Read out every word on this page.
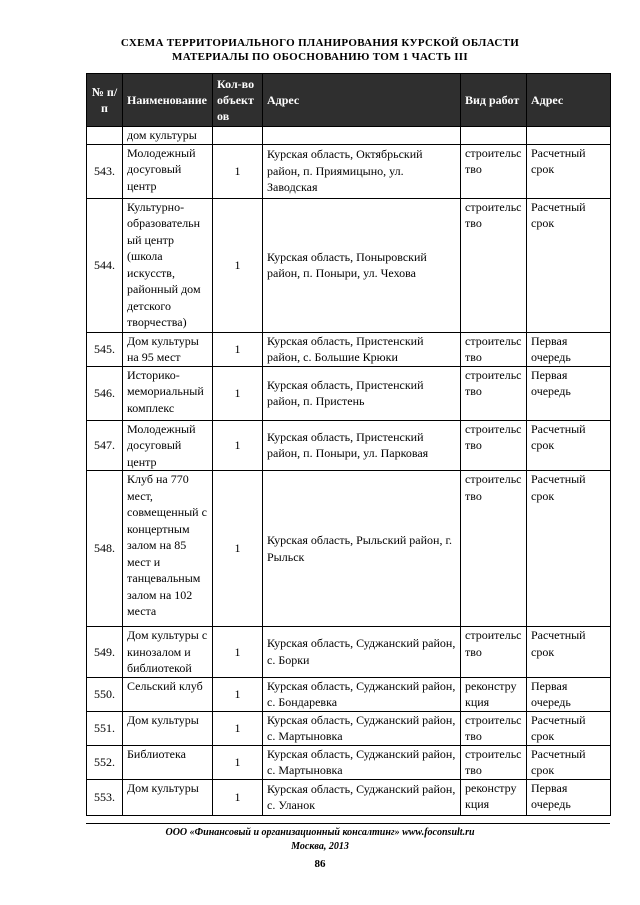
СХЕМА ТЕРРИТОРИАЛЬНОГО ПЛАНИРОВАНИЯ КУРСКОЙ ОБЛАСТИ
МАТЕРИАЛЫ ПО ОБОСНОВАНИЮ ТОМ 1 ЧАСТЬ III
№ п/п	Наименование	Кол-во объектов	Адрес	Вид работ	Адрес
	дом культуры				
543.	Молодежный досуговый центр	1	Курская область, Октябрьский район, п. Приямицыно, ул. Заводская	строительство	Расчетный срок
544.	Культурно-образовательный центр (школа искусств, районный дом детского творчества)	1	Курская область, Поныровский район, п. Поныри, ул. Чехова	строительство	Расчетный срок
545.	Дом культуры на 95 мест	1	Курская область, Пристенский район, с. Большие Крюки	строительство	Первая очередь
546.	Историко-мемориальный комплекс	1	Курская область, Пристенский район, п. Пристень	строительство	Первая очередь
547.	Молодежный досуговый центр	1	Курская область, Пристенский район, п. Поныри, ул. Парковая	строительство	Расчетный срок
548.	Клуб на 770 мест, совмещенный с концертным залом на 85 мест и танцевальным залом на 102 места	1	Курская область, Рыльский район, г. Рыльск	строительство	Расчетный срок
549.	Дом культуры с кинозалом и библиотекой	1	Курская область, Суджанский район, с. Борки	строительство	Расчетный срок
550.	Сельский клуб	1	Курская область, Суджанский район, с. Бондаревка	реконструкция	Первая очередь
551.	Дом культуры	1	Курская область, Суджанский район, с. Мартыновка	строительство	Расчетный срок
552.	Библиотека	1	Курская область, Суджанский район, с. Мартыновка	строительство	Расчетный срок
553.	Дом культуры	1	Курская область, Суджанский район, с. Уланок	реконструкция	Первая очередь
ООО «Финансовый и организационный консалтинг» www.foconsult.ru
Москва, 2013
86
